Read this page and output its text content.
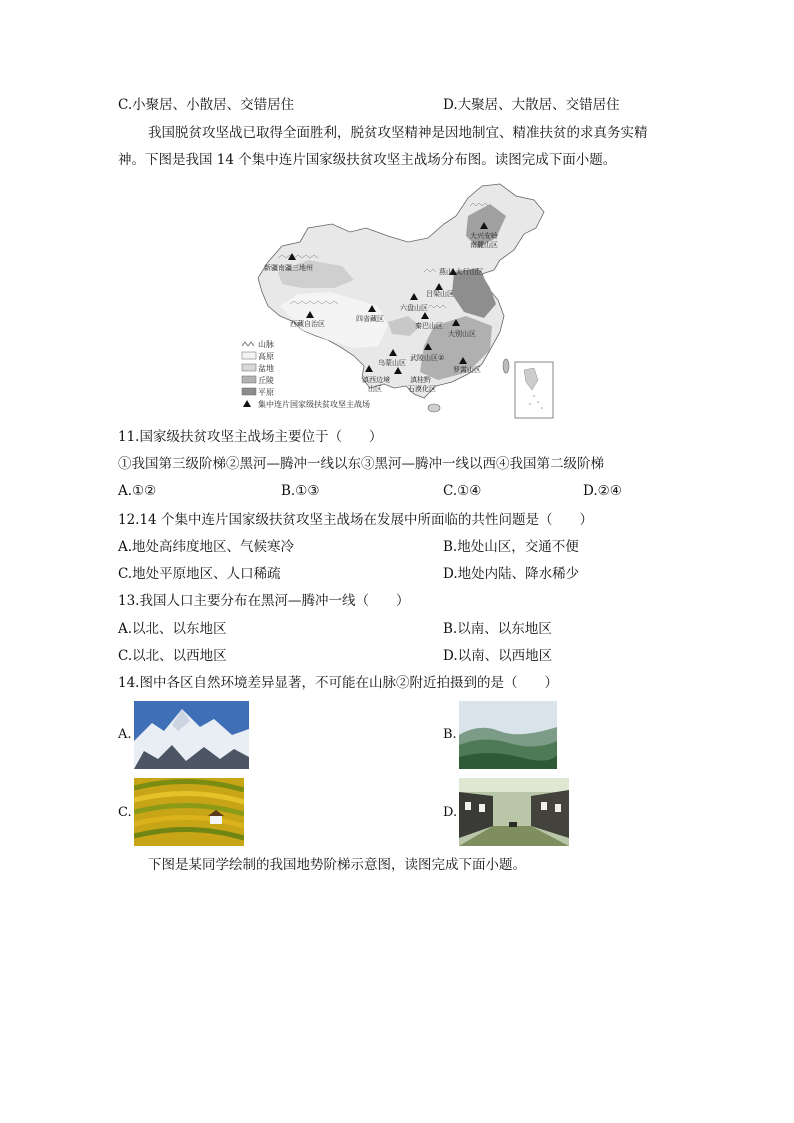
C.小聚居、小散居、交错居住	D.大聚居、大散居、交错居住
我国脱贫攻坚战已取得全面胜利，脱贫攻坚精神是因地制宜、精准扶贫的求真务实精
神。下图是我国 14 个集中连片国家级扶贫攻坚主战场分布图。读图完成下面小题。
大兴安岭
南麓山区
燕山-太行山区
吕梁山区
六盘山区
秦巴山区
大别山区
新疆南疆三地州
西藏自治区
四省藏区
乌蒙山区
武陵山区②
罗霄山区
滇西边境
山区
滇桂黔
石漠化区
山脉
高原
盆地
丘陵
平原
集中连片国家级扶贫攻坚主战场
11.国家级扶贫攻坚主战场主要位于（　　）
①我国第三级阶梯②黑河—腾冲一线以东③黑河—腾冲一线以西④我国第二级阶梯
A.①②	B.①③	C.①④	D.②④
12.14 个集中连片国家级扶贫攻坚主战场在发展中所面临的共性问题是（　　）
A.地处高纬度地区、气候寒冷	B.地处山区，交通不便
C.地处平原地区、人口稀疏	D.地处内陆、降水稀少
13.我国人口主要分布在黑河—腾冲一线（　　）
A.以北、以东地区	B.以南、以东地区
C.以北、以西地区	D.以南、以西地区
14.图中各区自然环境差异显著，不可能在山脉②附近拍摄到的是（　　）
A.	B.
C.	D.
下图是某同学绘制的我国地势阶梯示意图，读图完成下面小题。
